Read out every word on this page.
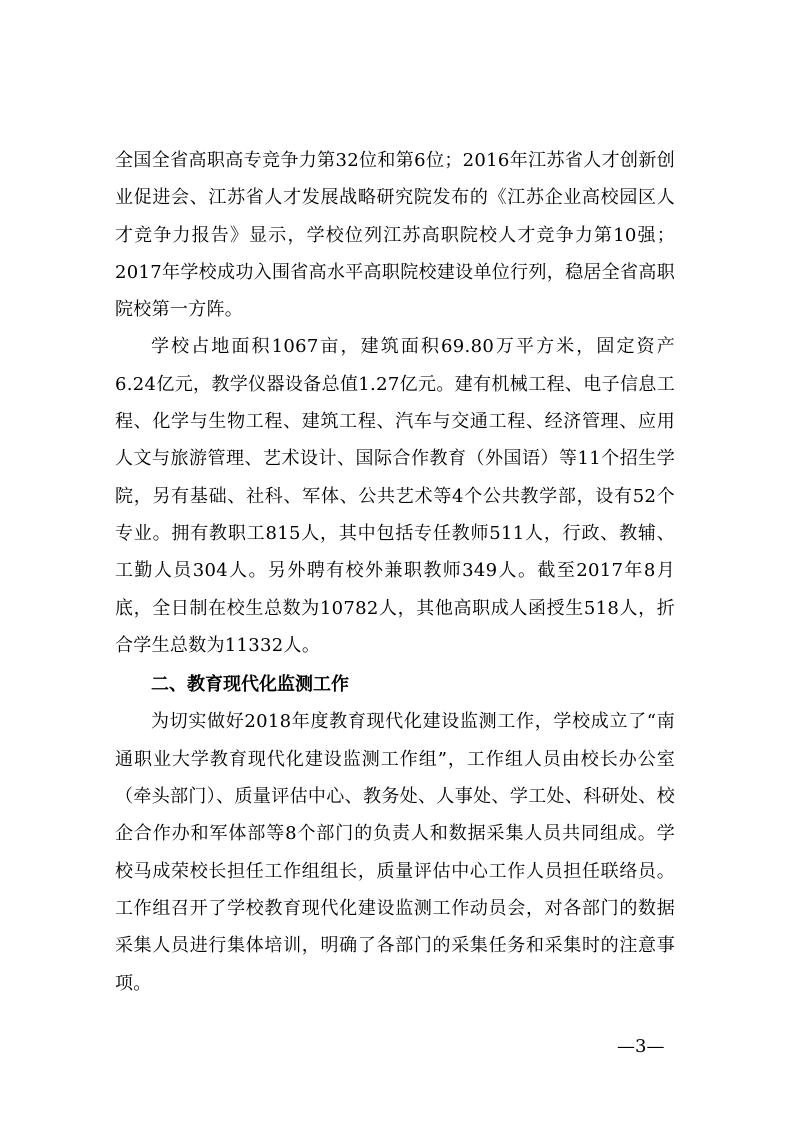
全国全省高职高专竞争力第32位和第6位；2016年江苏省人才创新创业促进会、江苏省人才发展战略研究院发布的《江苏企业高校园区人才竞争力报告》显示，学校位列江苏高职院校人才竞争力第10强；2017年学校成功入围省高水平高职院校建设单位行列，稳居全省高职院校第一方阵。

学校占地面积1067亩，建筑面积69.80万平方米，固定资产6.24亿元，教学仪器设备总值1.27亿元。建有机械工程、电子信息工程、化学与生物工程、建筑工程、汽车与交通工程、经济管理、应用人文与旅游管理、艺术设计、国际合作教育（外国语）等11个招生学院，另有基础、社科、军体、公共艺术等4个公共教学部，设有52个专业。拥有教职工815人，其中包括专任教师511人，行政、教辅、工勤人员304人。另外聘有校外兼职教师349人。截至2017年8月底，全日制在校生总数为10782人，其他高职成人函授生518人，折合学生总数为11332人。

二、教育现代化监测工作

为切实做好2018年度教育现代化建设监测工作，学校成立了“南通职业大学教育现代化建设监测工作组”，工作组人员由校长办公室（牵头部门）、质量评估中心、教务处、人事处、学工处、科研处、校企合作办和军体部等8个部门的负责人和数据采集人员共同组成。学校马成荣校长担任工作组组长，质量评估中心工作人员担任联络员。工作组召开了学校教育现代化建设监测工作动员会，对各部门的数据采集人员进行集体培训，明确了各部门的采集任务和采集时的注意事项。

—3—
